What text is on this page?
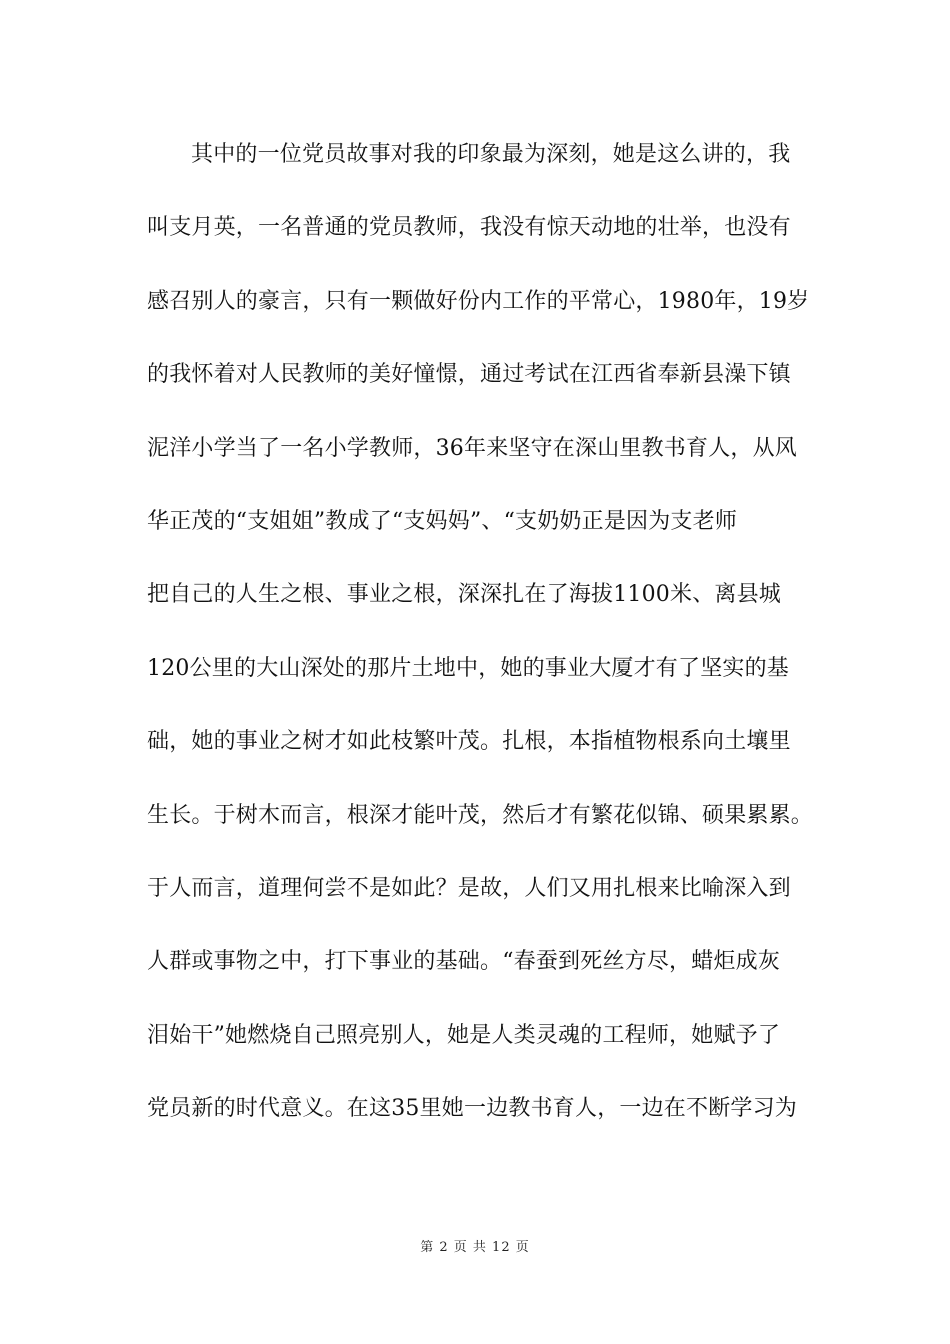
其中的一位党员故事对我的印象最为深刻，她是这么讲的，我
叫支月英，一名普通的党员教师，我没有惊天动地的壮举，也没有
感召别人的豪言，只有一颗做好份内工作的平常心，1980年，19岁
的我怀着对人民教师的美好憧憬，通过考试在江西省奉新县澡下镇
泥洋小学当了一名小学教师，36年来坚守在深山里教书育人，从风
华正茂的“支姐姐”教成了“支妈妈”、“支奶奶正是因为支老师
把自己的人生之根、事业之根，深深扎在了海拔1100米、离县城
120公里的大山深处的那片土地中，她的事业大厦才有了坚实的基
础，她的事业之树才如此枝繁叶茂。扎根，本指植物根系向土壤里
生长。于树木而言，根深才能叶茂，然后才有繁花似锦、硕果累累。
于人而言，道理何尝不是如此？是故，人们又用扎根来比喻深入到
人群或事物之中，打下事业的基础。“春蚕到死丝方尽，蜡炬成灰
泪始干”她燃烧自己照亮别人，她是人类灵魂的工程师，她赋予了
党员新的时代意义。在这35里她一边教书育人，一边在不断学习为
第 2 页 共 12 页
